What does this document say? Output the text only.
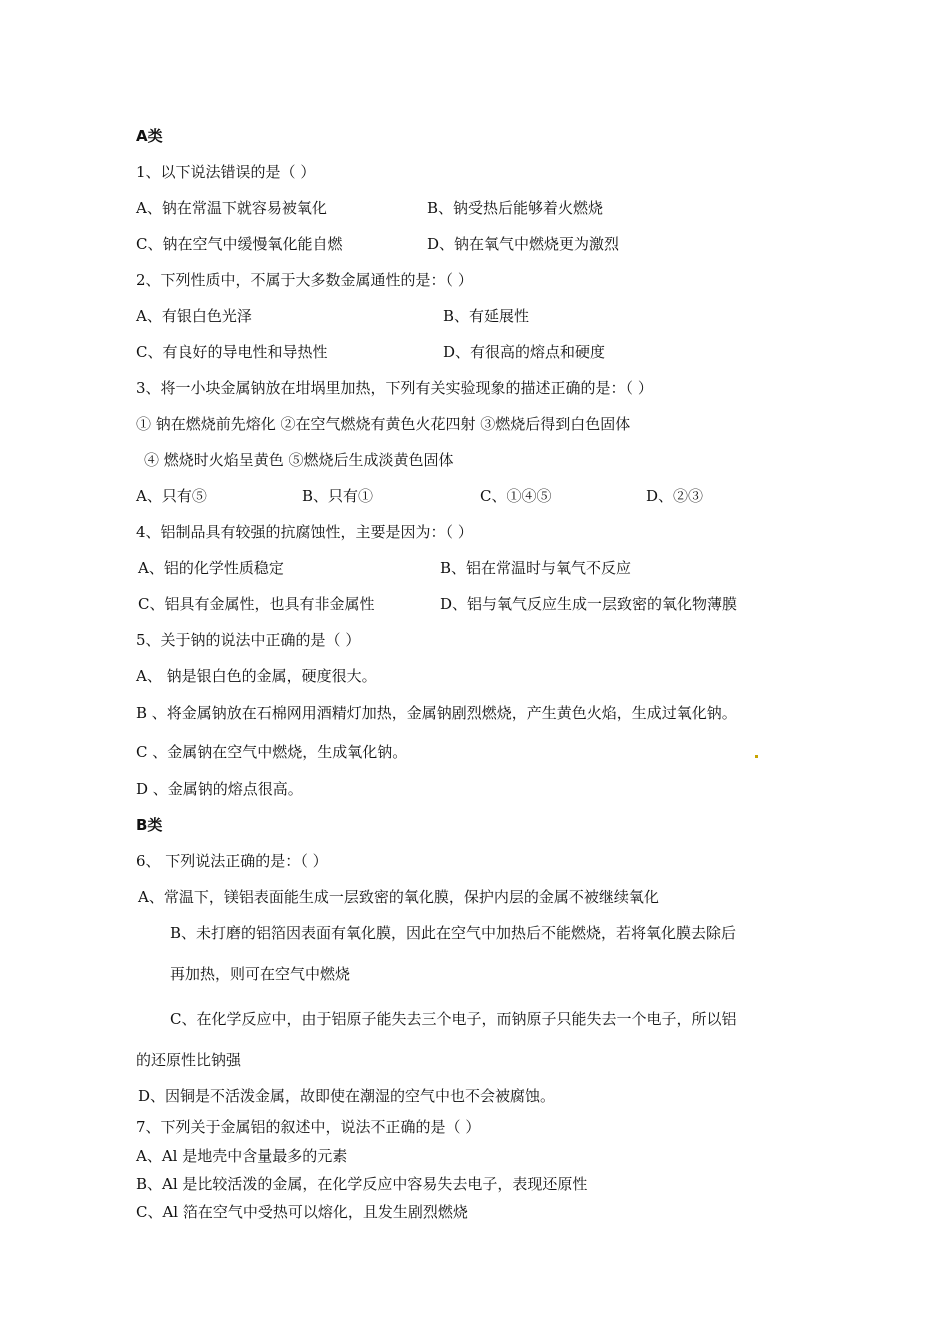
A类
1、以下说法错误的是（ ）
A、钠在常温下就容易被氧化	B、钠受热后能够着火燃烧
C、钠在空气中缓慢氧化能自燃	D、钠在氧气中燃烧更为激烈
2、下列性质中，不属于大多数金属通性的是：（ ）
A、有银白色光泽	B、有延展性
C、有良好的导电性和导热性	D、有很高的熔点和硬度
3、将一小块金属钠放在坩埚里加热，下列有关实验现象的描述正确的是：（ ）
① 钠在燃烧前先熔化 ②在空气燃烧有黄色火花四射 ③燃烧后得到白色固体
④ 燃烧时火焰呈黄色 ⑤燃烧后生成淡黄色固体
A、只有⑤	B、只有①	C、①④⑤	D、②③
4、铝制品具有较强的抗腐蚀性，主要是因为：（ ）
A、铝的化学性质稳定	B、铝在常温时与氧气不反应
C、铝具有金属性，也具有非金属性	D、铝与氧气反应生成一层致密的氧化物薄膜
5、关于钠的说法中正确的是（ ）
A、 钠是银白色的金属，硬度很大。
B 、将金属钠放在石棉网用酒精灯加热，金属钠剧烈燃烧，产生黄色火焰，生成过氧化钠。
C 、金属钠在空气中燃烧，生成氧化钠。
D 、金属钠的熔点很高。
B类
6、 下列说法正确的是：（ ）
A、常温下，镁铝表面能生成一层致密的氧化膜，保护内层的金属不被继续氧化
B、未打磨的铝箔因表面有氧化膜，因此在空气中加热后不能燃烧，若将氧化膜去除后
再加热，则可在空气中燃烧
C、在化学反应中，由于铝原子能失去三个电子，而钠原子只能失去一个电子，所以铝
的还原性比钠强
D、因铜是不活泼金属，故即使在潮湿的空气中也不会被腐蚀。
7、下列关于金属铝的叙述中，说法不正确的是（ ）
A、Al 是地壳中含量最多的元素
B、Al 是比较活泼的金属，在化学反应中容易失去电子，表现还原性
C、Al 箔在空气中受热可以熔化，且发生剧烈燃烧
